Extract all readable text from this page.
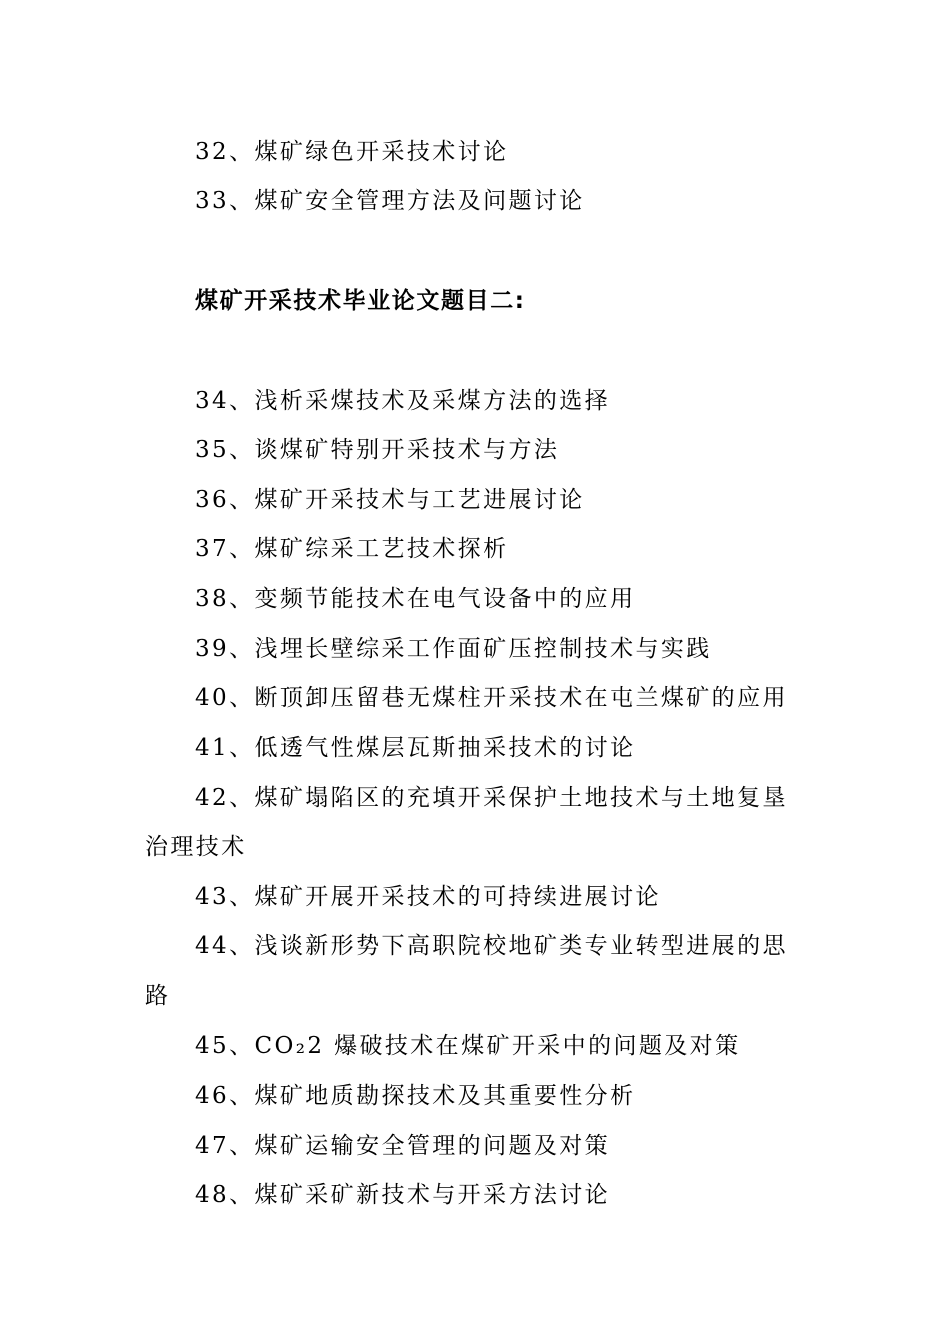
32、煤矿绿色开采技术讨论
33、煤矿安全管理方法及问题讨论
煤矿开采技术毕业论文题目二:
34、浅析采煤技术及采煤方法的选择
35、谈煤矿特别开采技术与方法
36、煤矿开采技术与工艺进展讨论
37、煤矿综采工艺技术探析
38、变频节能技术在电气设备中的应用
39、浅埋长壁综采工作面矿压控制技术与实践
40、断顶卸压留巷无煤柱开采技术在屯兰煤矿的应用
41、低透气性煤层瓦斯抽采技术的讨论
42、煤矿塌陷区的充填开采保护土地技术与土地复垦
治理技术
43、煤矿开展开采技术的可持续进展讨论
44、浅谈新形势下高职院校地矿类专业转型进展的思
路
45、CO₂2 爆破技术在煤矿开采中的问题及对策
46、煤矿地质勘探技术及其重要性分析
47、煤矿运输安全管理的问题及对策
48、煤矿采矿新技术与开采方法讨论
